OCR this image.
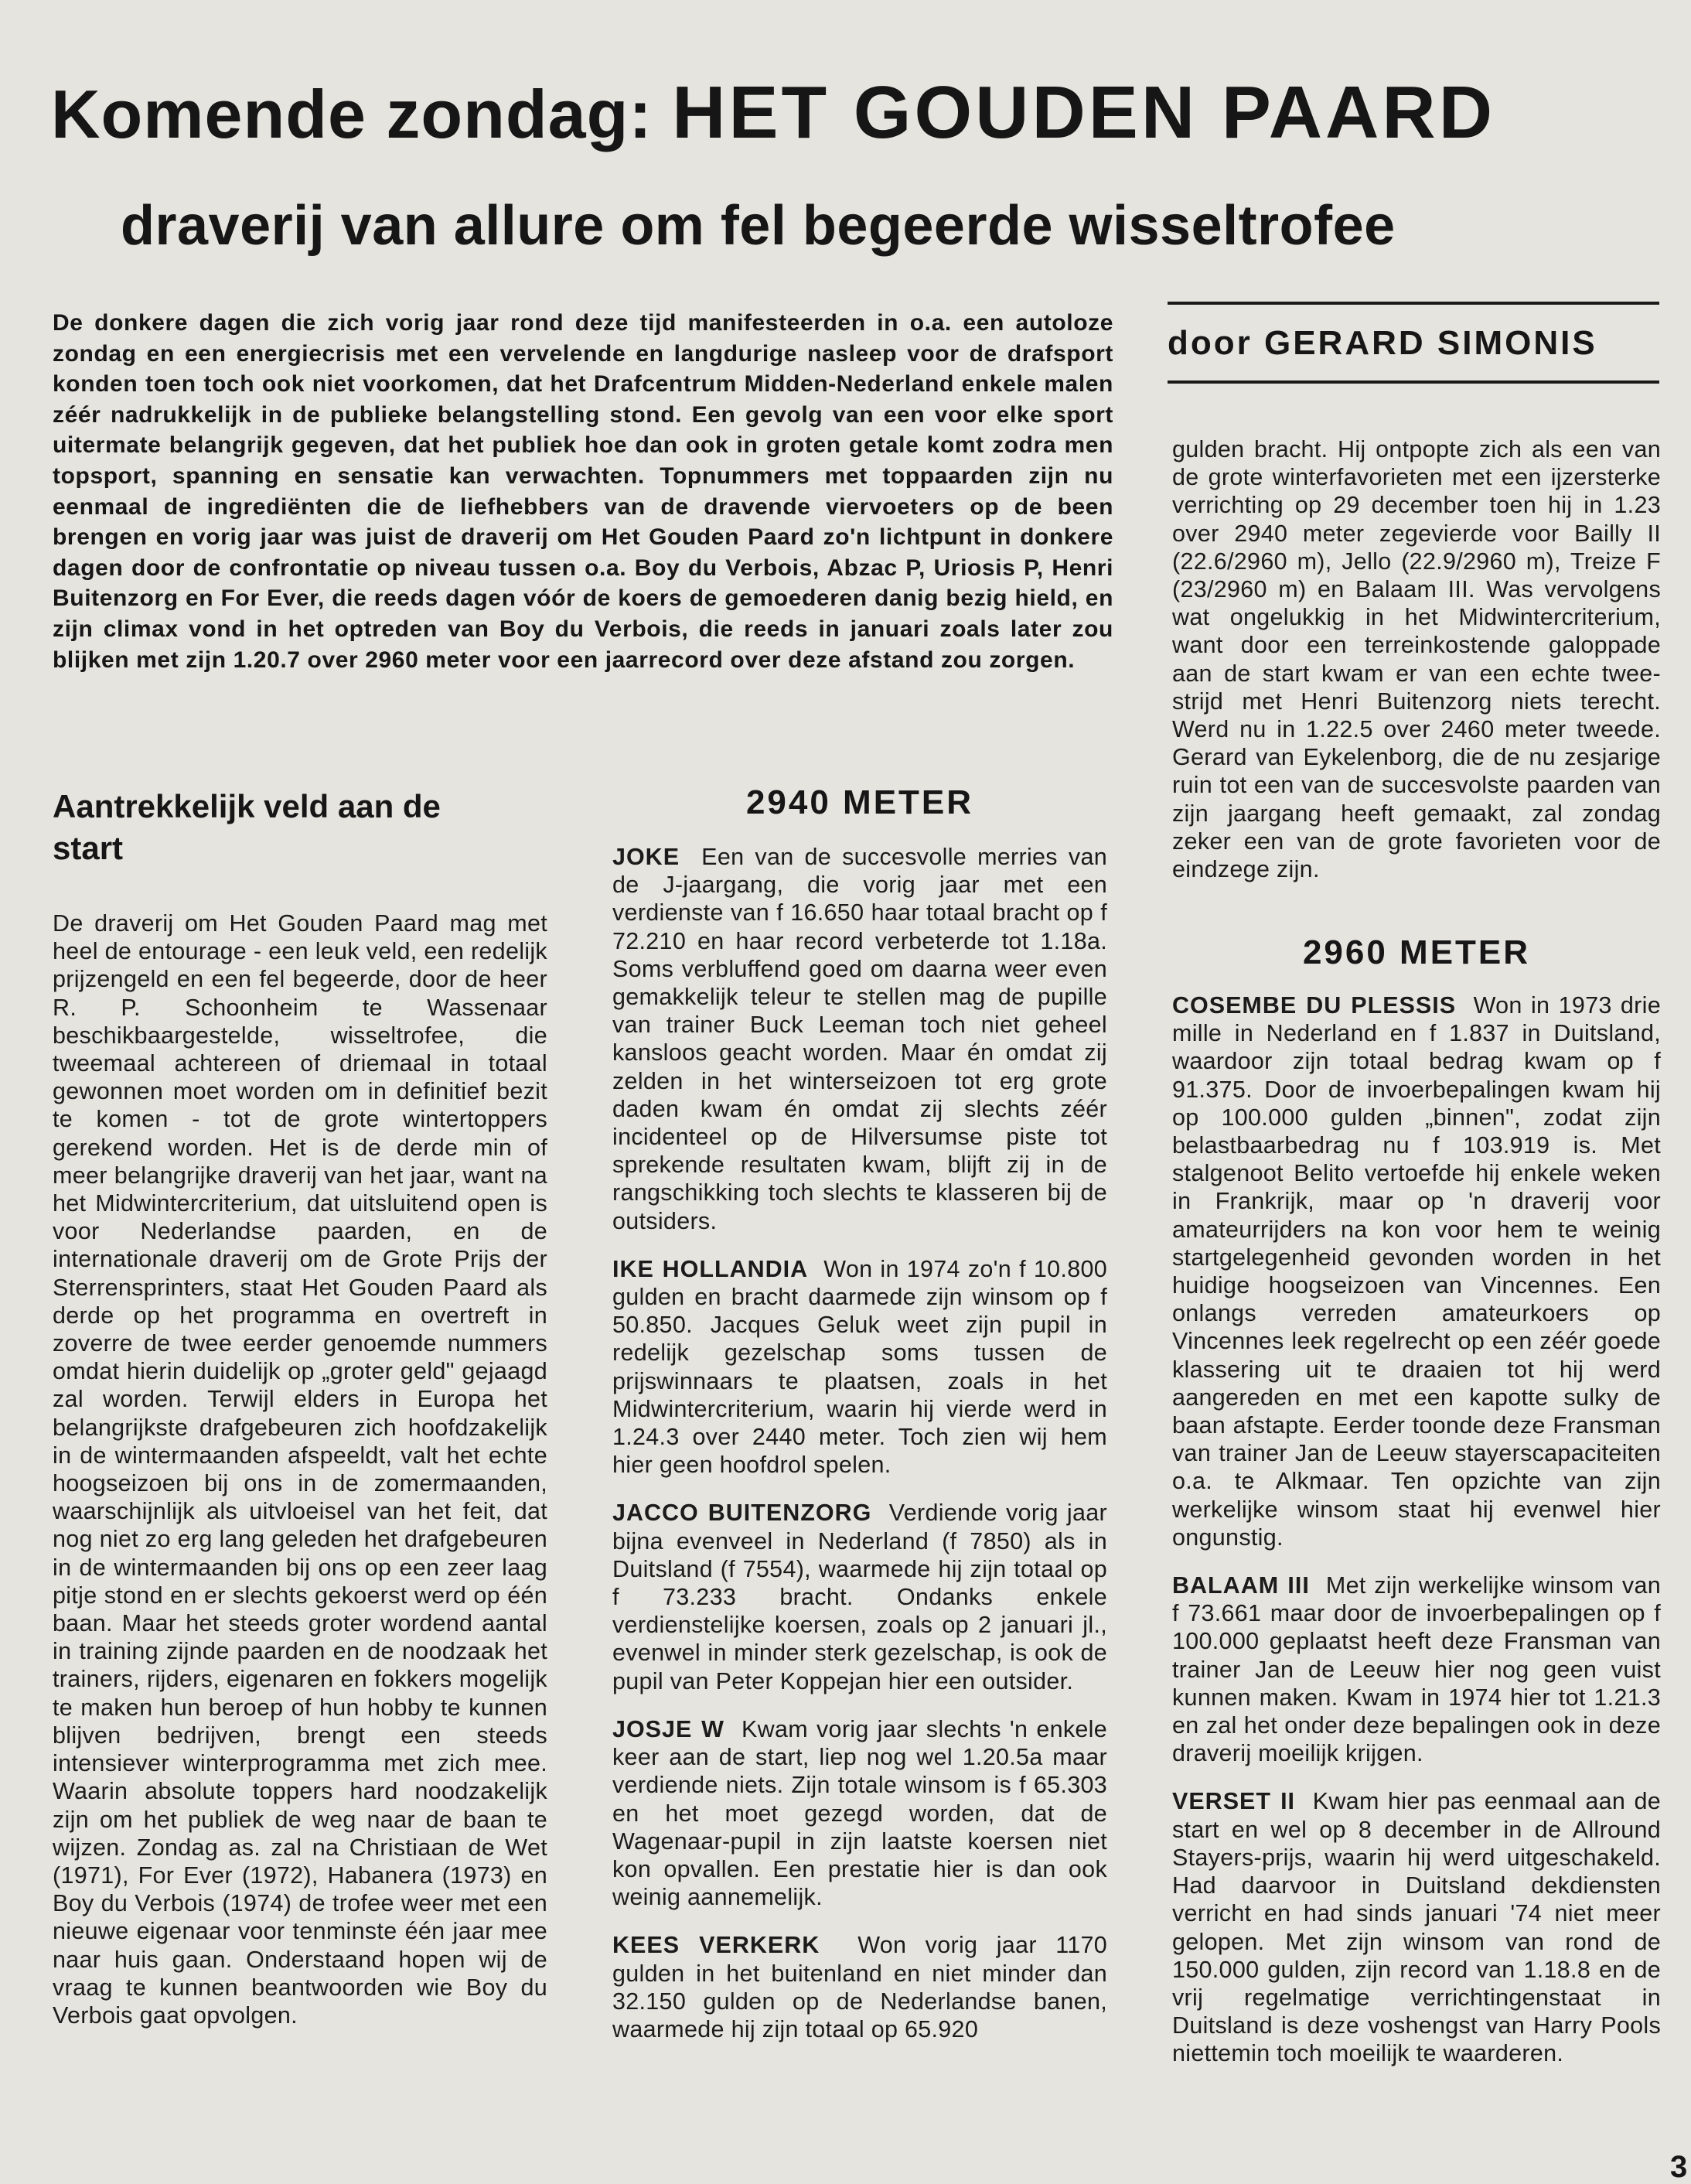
Komende zondag: HET GOUDEN PAARD
draverij van allure om fel begeerde wisseltrofee
De donkere dagen die zich vorig jaar rond deze tijd manifesteerden in o.a. een autoloze zondag en een energiecrisis met een vervelende en langdurige nasleep voor de drafsport konden toen toch ook niet voorkomen, dat het Drafcentrum Midden-Nederland enkele malen zéér nadrukkelijk in de publieke belangstelling stond. Een gevolg van een voor elke sport uitermate belangrijk gegeven, dat het publiek hoe dan ook in groten getale komt zodra men topsport, spanning en sensatie kan verwachten. Topnummers met toppaarden zijn nu eenmaal de ingrediënten die de liefhebbers van de dravende viervoeters op de been brengen en vorig jaar was juist de draverij om Het Gouden Paard zo'n lichtpunt in donkere dagen door de confrontatie op niveau tussen o.a. Boy du Verbois, Abzac P, Uriosis P, Henri Buitenzorg en For Ever, die reeds dagen vóór de koers de gemoederen danig bezig hield, en zijn climax vond in het optreden van Boy du Verbois, die reeds in januari zoals later zou blijken met zijn 1.20.7 over 2960 meter voor een jaarrecord over deze afstand zou zorgen.
door GERARD SIMONIS
Aantrekkelijk veld aan de start

De draverij om Het Gouden Paard mag met heel de entourage - een leuk veld, een redelijk prijzengeld en een fel begeerde, door de heer R. P. Schoonheim te Wassenaar beschikbaargestelde, wisseltrofee, die tweemaal achtereen of driemaal in totaal gewonnen moet worden om in definitief bezit te komen - tot de grote wintertoppers gerekend worden. Het is de derde min of meer belangrijke draverij van het jaar, want na het Midwintercriterium, dat uitsluitend open is voor Nederlandse paarden, en de internationale draverij om de Grote Prijs der Sterrensprinters, staat Het Gouden Paard als derde op het programma en overtreft in zoverre de twee eerder genoemde nummers omdat hierin duidelijk op „groter geld" gejaagd zal worden. Terwijl elders in Europa het belangrijkste drafgebeuren zich hoofdzakelijk in de wintermaanden afspeeldt, valt het echte hoogseizoen bij ons in de zomermaanden, waarschijnlijk als uitvloeisel van het feit, dat nog niet zo erg lang geleden het drafgebeuren in de wintermaanden bij ons op een zeer laag pitje stond en er slechts gekoerst werd op één baan. Maar het steeds groter wordend aantal in training zijnde paarden en de noodzaak het trainers, rijders, eigenaren en fokkers mogelijk te maken hun beroep of hun hobby te kunnen blijven bedrijven, brengt een steeds intensiever winterprogramma met zich mee. Waarin absolute toppers hard noodzakelijk zijn om het publiek de weg naar de baan te wijzen. Zondag as. zal na Christiaan de Wet (1971), For Ever (1972), Habanera (1973) en Boy du Verbois (1974) de trofee weer met een nieuwe eigenaar voor tenminste één jaar mee naar huis gaan. Onderstaand hopen wij de vraag te kunnen beantwoorden wie Boy du Verbois gaat opvolgen.

2940 METER

JOKE Een van de succesvolle merries van de J-jaargang, die vorig jaar met een verdienste van f 16.650 haar totaal bracht op f 72.210 en haar record verbeterde tot 1.18a. Soms verbluffend goed om daarna weer even gemakkelijk teleur te stellen mag de pupille van trainer Buck Leeman toch niet geheel kansloos geacht worden. Maar én omdat zij zelden in het winterseizoen tot erg grote daden kwam én omdat zij slechts zéér incidenteel op de Hilversumse piste tot sprekende resultaten kwam, blijft zij in de rangschikking toch slechts te klasseren bij de outsiders.

IKE HOLLANDIA Won in 1974 zo'n f 10.800 gulden en bracht daarmede zijn winsom op f 50.850. Jacques Geluk weet zijn pupil in redelijk gezelschap soms tussen de prijswinnaars te plaatsen, zoals in het Midwintercriterium, waarin hij vierde werd in 1.24.3 over 2440 meter. Toch zien wij hem hier geen hoofdrol spelen.

JACCO BUITENZORG Verdiende vorig jaar bijna evenveel in Nederland (f 7850) als in Duitsland (f 7554), waarmede hij zijn totaal op f 73.233 bracht. Ondanks enkele verdienstelijke koersen, zoals op 2 januari jl., evenwel in minder sterk gezelschap, is ook de pupil van Peter Koppejan hier een outsider.

JOSJE W Kwam vorig jaar slechts 'n enkele keer aan de start, liep nog wel 1.20.5a maar verdiende niets. Zijn totale winsom is f 65.303 en het moet gezegd worden, dat de Wagenaar-pupil in zijn laatste koersen niet kon opvallen. Een prestatie hier is dan ook weinig aannemelijk.

KEES VERKERK Won vorig jaar 1170 gulden in het buitenland en niet minder dan 32.150 gulden op de Nederlandse banen, waarmede hij zijn totaal op 65.920

gulden bracht. Hij ontpopte zich als een van de grote winterfavorieten met een ijzersterke verrichting op 29 december toen hij in 1.23 over 2940 meter zegevierde voor Bailly II (22.6/2960 m), Jello (22.9/2960 m), Treize F (23/2960 m) en Balaam III. Was vervolgens wat ongelukkig in het Midwintercriterium, want door een terreinkostende galoppade aan de start kwam er van een echte twee-strijd met Henri Buitenzorg niets terecht. Werd nu in 1.22.5 over 2460 meter tweede. Gerard van Eykelenborg, die de nu zesjarige ruin tot een van de succesvolste paarden van zijn jaargang heeft gemaakt, zal zondag zeker een van de grote favorieten voor de eindzege zijn.

2960 METER

COSEMBE DU PLESSIS Won in 1973 drie mille in Nederland en f 1.837 in Duitsland, waardoor zijn totaal bedrag kwam op f 91.375. Door de invoerbepalingen kwam hij op 100.000 gulden „binnen", zodat zijn belastbaarbedrag nu f 103.919 is. Met stalgenoot Belito vertoefde hij enkele weken in Frankrijk, maar op 'n draverij voor amateurrijders na kon voor hem te weinig startgelegenheid gevonden worden in het huidige hoogseizoen van Vincennes. Een onlangs verreden amateurkoers op Vincennes leek regelrecht op een zéér goede klassering uit te draaien tot hij werd aangereden en met een kapotte sulky de baan afstapte. Eerder toonde deze Fransman van trainer Jan de Leeuw stayerscapaciteiten o.a. te Alkmaar. Ten opzichte van zijn werkelijke winsom staat hij evenwel hier ongunstig.

BALAAM III Met zijn werkelijke winsom van f 73.661 maar door de invoerbepalingen op f 100.000 geplaatst heeft deze Fransman van trainer Jan de Leeuw hier nog geen vuist kunnen maken. Kwam in 1974 hier tot 1.21.3 en zal het onder deze bepalingen ook in deze draverij moeilijk krijgen.

VERSET II Kwam hier pas eenmaal aan de start en wel op 8 december in de Allround Stayers-prijs, waarin hij werd uitgeschakeld. Had daarvoor in Duitsland dekdiensten verricht en had sinds januari '74 niet meer gelopen. Met zijn winsom van rond de 150.000 gulden, zijn record van 1.18.8 en de vrij regelmatige verrichtingenstaat in Duitsland is deze voshengst van Harry Pools niettemin toch moeilijk te waarderen.

3
